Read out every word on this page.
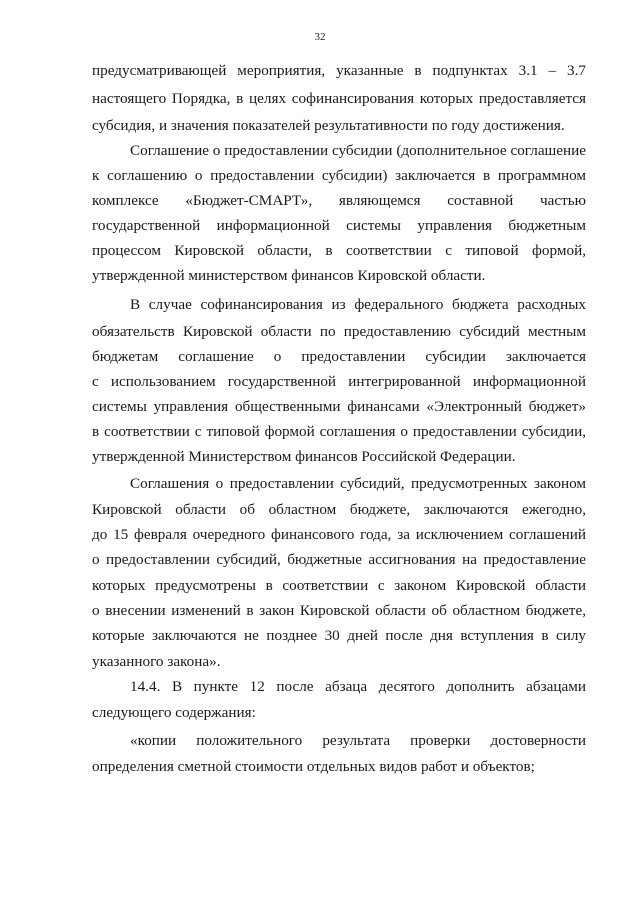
32
предусматривающей мероприятия, указанные в подпунктах 3.1 – 3.7
настоящего Порядка, в целях софинансирования которых предоставляется
субсидия, и значения показателей результативности по году достижения.
Соглашение о предоставлении субсидии (дополнительное соглашение
к соглашению о предоставлении субсидии) заключается в программном
комплексе «Бюджет-СМАРТ», являющемся составной частью
государственной информационной системы управления бюджетным
процессом Кировской области, в соответствии с типовой формой,
утвержденной министерством финансов Кировской области.
В случае софинансирования из федерального бюджета расходных
обязательств Кировской области по предоставлению субсидий местным
бюджетам соглашение о предоставлении субсидии заключается
с использованием государственной интегрированной информационной
системы управления общественными финансами «Электронный бюджет»
в соответствии с типовой формой соглашения о предоставлении субсидии,
утвержденной Министерством финансов Российской Федерации.
Соглашения о предоставлении субсидий, предусмотренных законом
Кировской области об областном бюджете, заключаются ежегодно,
до 15 февраля очередного финансового года, за исключением соглашений
о предоставлении субсидий, бюджетные ассигнования на предоставление
которых предусмотрены в соответствии с законом Кировской области
о внесении изменений в закон Кировской области об областном бюджете,
которые заключаются не позднее 30 дней после дня вступления в силу
указанного закона».
14.4. В пункте 12 после абзаца десятого дополнить абзацами
следующего содержания:
«копии положительного результата проверки достоверности
определения сметной стоимости отдельных видов работ и объектов;
